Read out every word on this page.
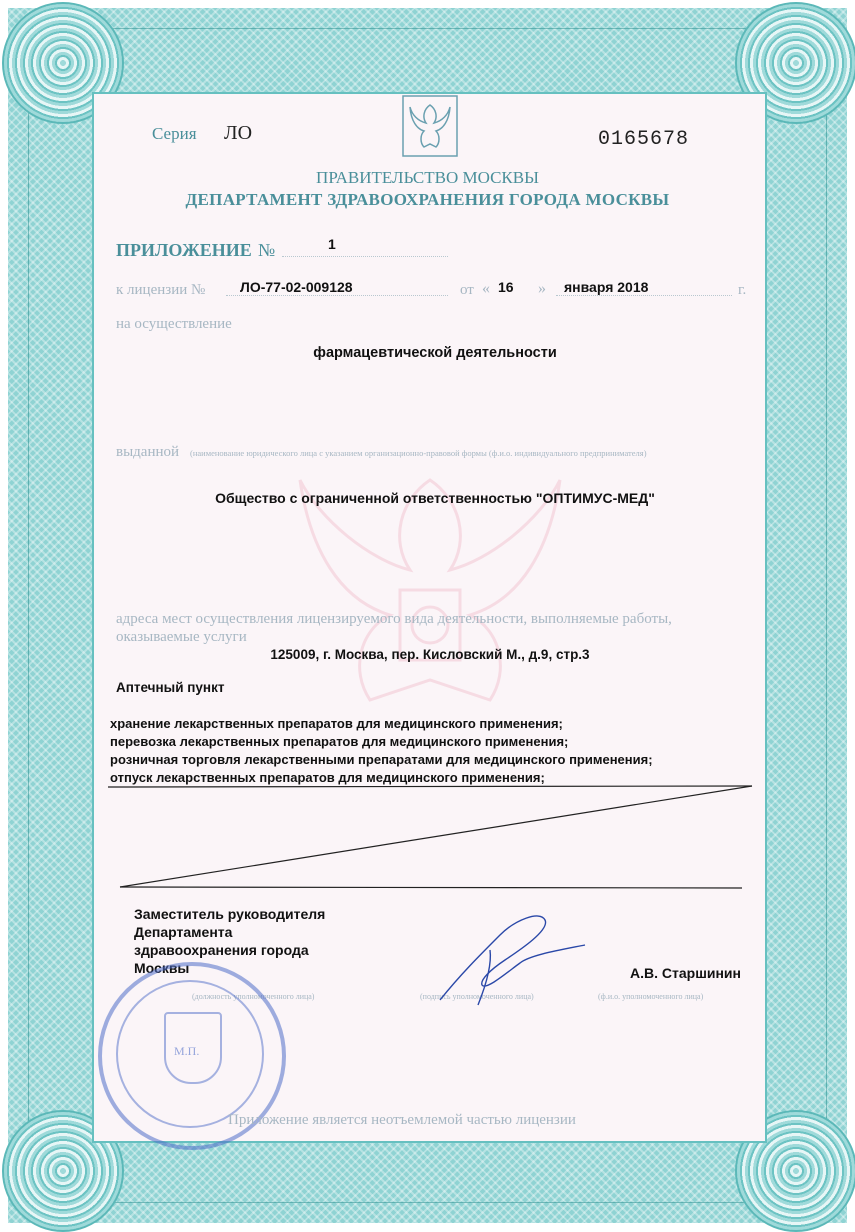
Серия ЛО	0165678
ПРАВИТЕЛЬСТВО МОСКВЫ
ДЕПАРТАМЕНТ ЗДРАВООХРАНЕНИЯ ГОРОДА МОСКВЫ
ПРИЛОЖЕНИЕ №	1
к лицензии № ЛО-77-02-009128	от « 16 » января 2018	г.
на осуществление
фармацевтической деятельности
выданной (наименование юридического лица с указанием организационно-правовой формы (ф.и.о. индивидуального предпринимателя)
Общество с ограниченной ответственностью "ОПТИМУС-МЕД"
адреса мест осуществления лицензируемого вида деятельности, выполняемые работы,
оказываемые услуги
125009, г. Москва, пер. Кисловский М., д.9, стр.3
Аптечный пункт
хранение лекарственных препаратов для медицинского применения;
перевозка лекарственных препаратов для медицинского применения;
розничная торговля лекарственными препаратами для медицинского применения;
отпуск лекарственных препаратов для медицинского применения;
Заместитель руководителя
Департамента
здравоохранения города
Москвы	А.В. Старшинин
(должность уполномоченного лица)	(подпись уполномоченного лица)	(ф.и.о. уполномоченного лица)
М.П.
Приложение является неотъемлемой частью лицензии
